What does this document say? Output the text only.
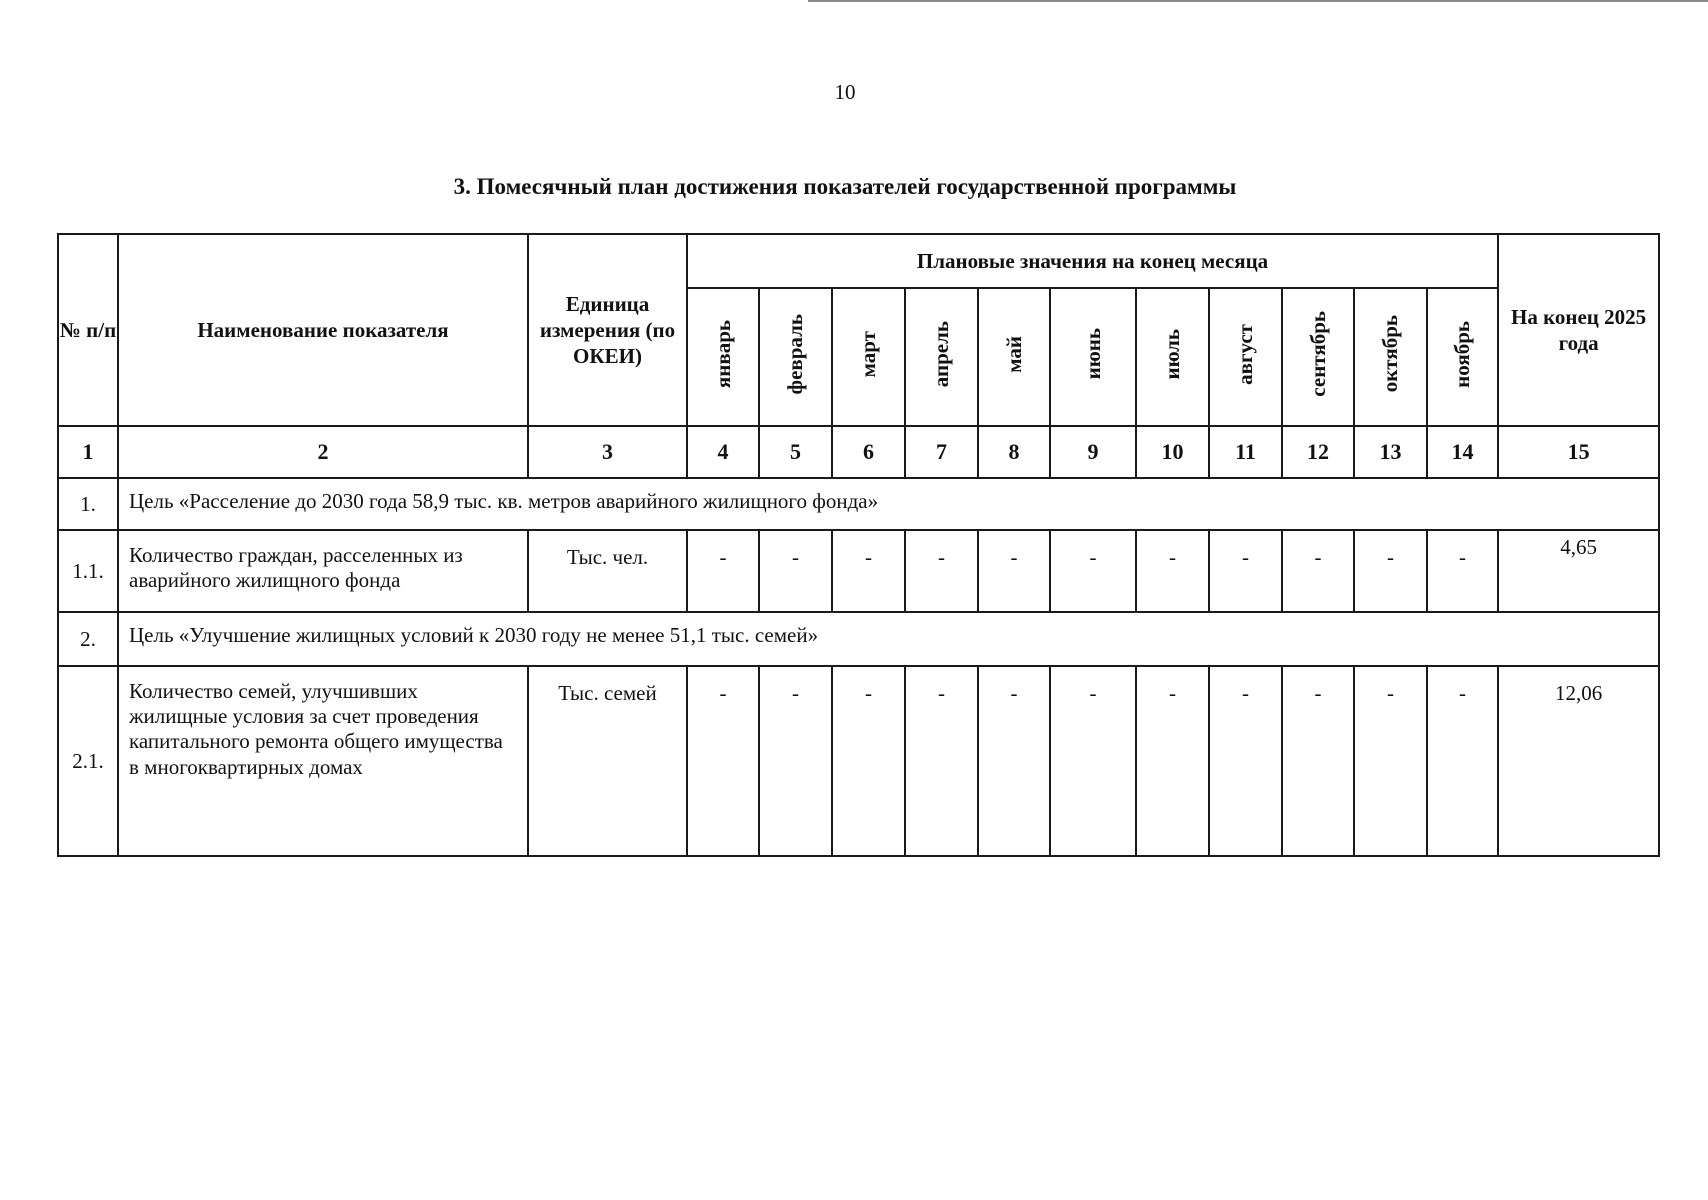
10
3. Помесячный план достижения показателей государственной программы
№ п/п	Наименование показателя	Единица измерения (по ОКЕИ)	Плановые значения на конец месяца											На конец 2025 года
			январь	февраль	март	апрель	май	июнь	июль	август	сентябрь	октябрь	ноябрь	
1	2	3	4	5	6	7	8	9	10	11	12	13	14	15
1.	Цель «Расселение до 2030 года 58,9 тыс. кв. метров аварийного жилищного фонда»													
1.1.	Количество граждан, расселенных из аварийного жилищного фонда	Тыс. чел.	-	-	-	-	-	-	-	-	-	-	-	4,65
2.	Цель «Улучшение жилищных условий к 2030 году не менее 51,1 тыс. семей»													
2.1.	Количество семей, улучшивших жилищные условия за счет проведения капитального ремонта общего имущества в многоквартирных домах	Тыс. семей	-	-	-	-	-	-	-	-	-	-	-	12,06
